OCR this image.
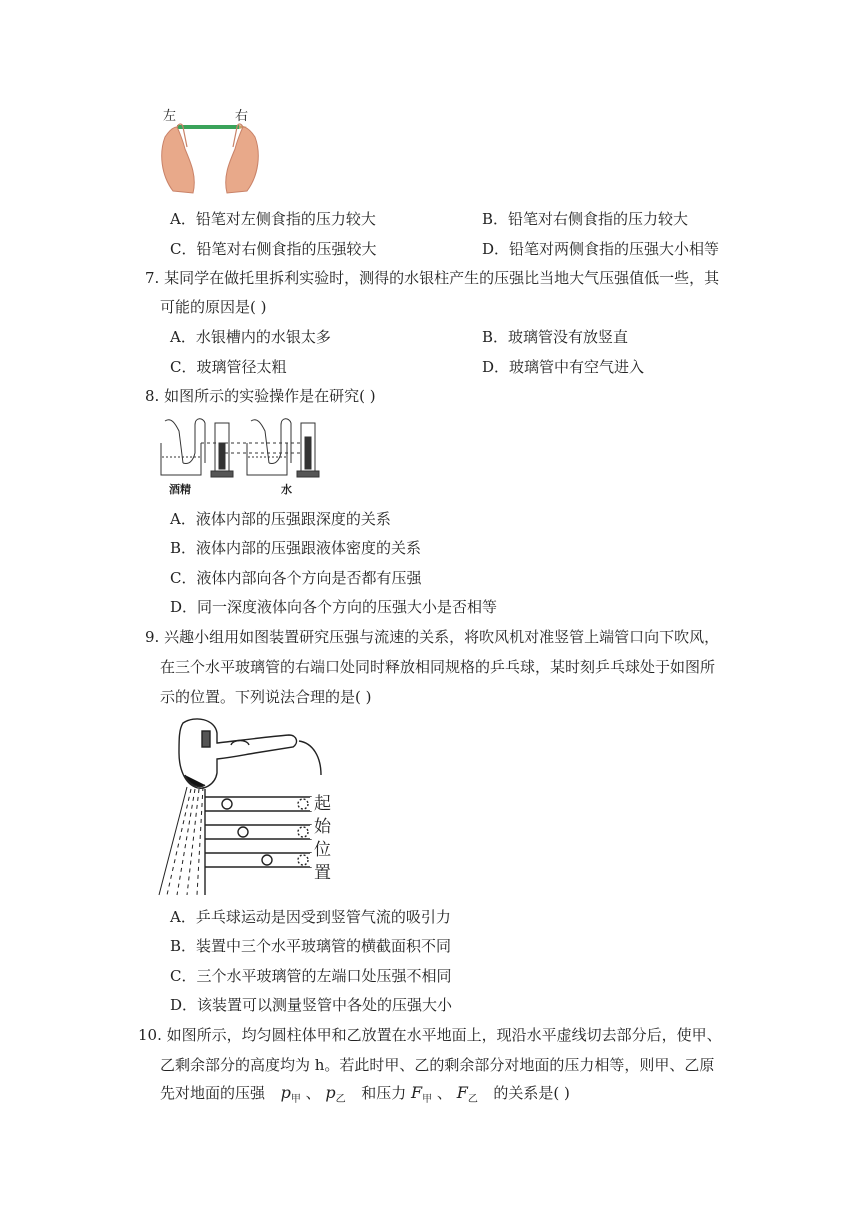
左	右
A．铅笔对左侧食指的压力较大	B．铅笔对右侧食指的压力较大
C．铅笔对右侧食指的压强较大	D．铅笔对两侧食指的压强大小相等
7. 某同学在做托里拆利实验时，测得的水银柱产生的压强比当地大气压强值低一些，其
可能的原因是( )
A．水银槽内的水银太多	B．玻璃管没有放竖直
C．玻璃管径太粗	D．玻璃管中有空气进入
8. 如图所示的实验操作是在研究( )
酒精	水
A．液体内部的压强跟深度的关系
B．液体内部的压强跟液体密度的关系
C．液体内部向各个方向是否都有压强
D．同一深度液体向各个方向的压强大小是否相等
9. 兴趣小组用如图装置研究压强与流速的关系，将吹风机对准竖管上端管口向下吹风，
在三个水平玻璃管的右端口处同时释放相同规格的乒乓球，某时刻乒乓球处于如图所
示的位置。下列说法合理的是( )
起
始
位
置
A．乒乓球运动是因受到竖管气流的吸引力
B．装置中三个水平玻璃管的横截面积不同
C．三个水平玻璃管的左端口处压强不相同
D．该装置可以测量竖管中各处的压强大小
10. 如图所示，均匀圆柱体甲和乙放置在水平地面上，现沿水平虚线切去部分后，使甲、
乙剩余部分的高度均为 h。若此时甲、乙的剩余部分对地面的压力相等，则甲、乙原
先对地面的压强 $p_甲$ 、 $p_乙$ 和压力 $F_甲$ 、 $F_乙$ 的关系是( )
